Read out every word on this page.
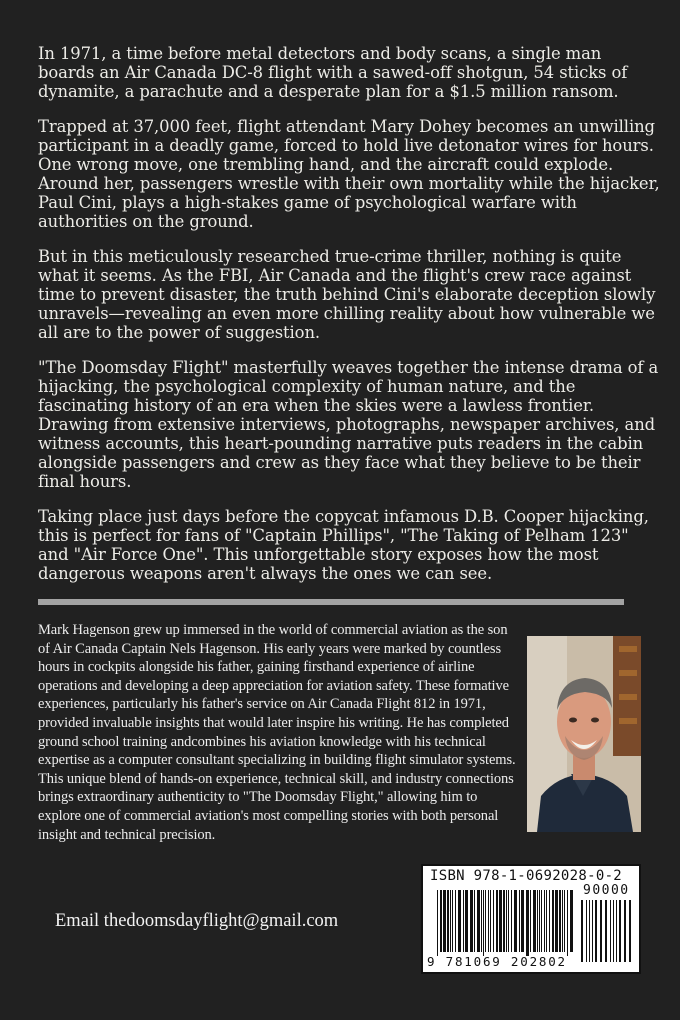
In 1971, a time before metal detectors and body scans, a single man boards an Air Canada DC-8 flight with a sawed-off shotgun, 54 sticks of dynamite, a parachute and a desperate plan for a $1.5 million ransom.

Trapped at 37,000 feet, flight attendant Mary Dohey becomes an unwilling participant in a deadly game, forced to hold live detonator wires for hours. One wrong move, one trembling hand, and the aircraft could explode. Around her, passengers wrestle with their own mortality while the hijacker, Paul Cini, plays a high-stakes game of psychological warfare with authorities on the ground.

But in this meticulously researched true-crime thriller, nothing is quite what it seems. As the FBI, Air Canada and the flight's crew race against time to prevent disaster, the truth behind Cini's elaborate deception slowly unravels—revealing an even more chilling reality about how vulnerable we all are to the power of suggestion.

"The Doomsday Flight" masterfully weaves together the intense drama of a hijacking, the psychological complexity of human nature, and the fascinating history of an era when the skies were a lawless frontier. Drawing from extensive interviews, photographs, newspaper archives, and witness accounts, this heart-pounding narrative puts readers in the cabin alongside passengers and crew as they face what they believe to be their final hours.

Taking place just days before the copycat infamous D.B. Cooper hijacking, this is perfect for fans of "Captain Phillips", "The Taking of Pelham 123" and "Air Force One". This unforgettable story exposes how the most dangerous weapons aren't always the ones we can see.

Mark Hagenson grew up immersed in the world of commercial aviation as the son of Air Canada Captain Nels Hagenson. His early years were marked by countless hours in cockpits alongside his father, gaining firsthand experience of airline operations and developing a deep appreciation for aviation safety. These formative experiences, particularly his father's service on Air Canada Flight 812 in 1971, provided invaluable insights that would later inspire his writing. He has completed ground school training andcombines his aviation knowledge with his technical expertise as a computer consultant specializing in building flight simulator systems. This unique blend of hands-on experience, technical skill, and industry connections brings extraordinary authenticity to "The Doomsday Flight," allowing him to explore one of commercial aviation's most compelling stories with both personal insight and technical precision.

Email thedoomsdayflight@gmail.com
ISBN 978-1-0692028-0-2
90000
9 781069 202802
